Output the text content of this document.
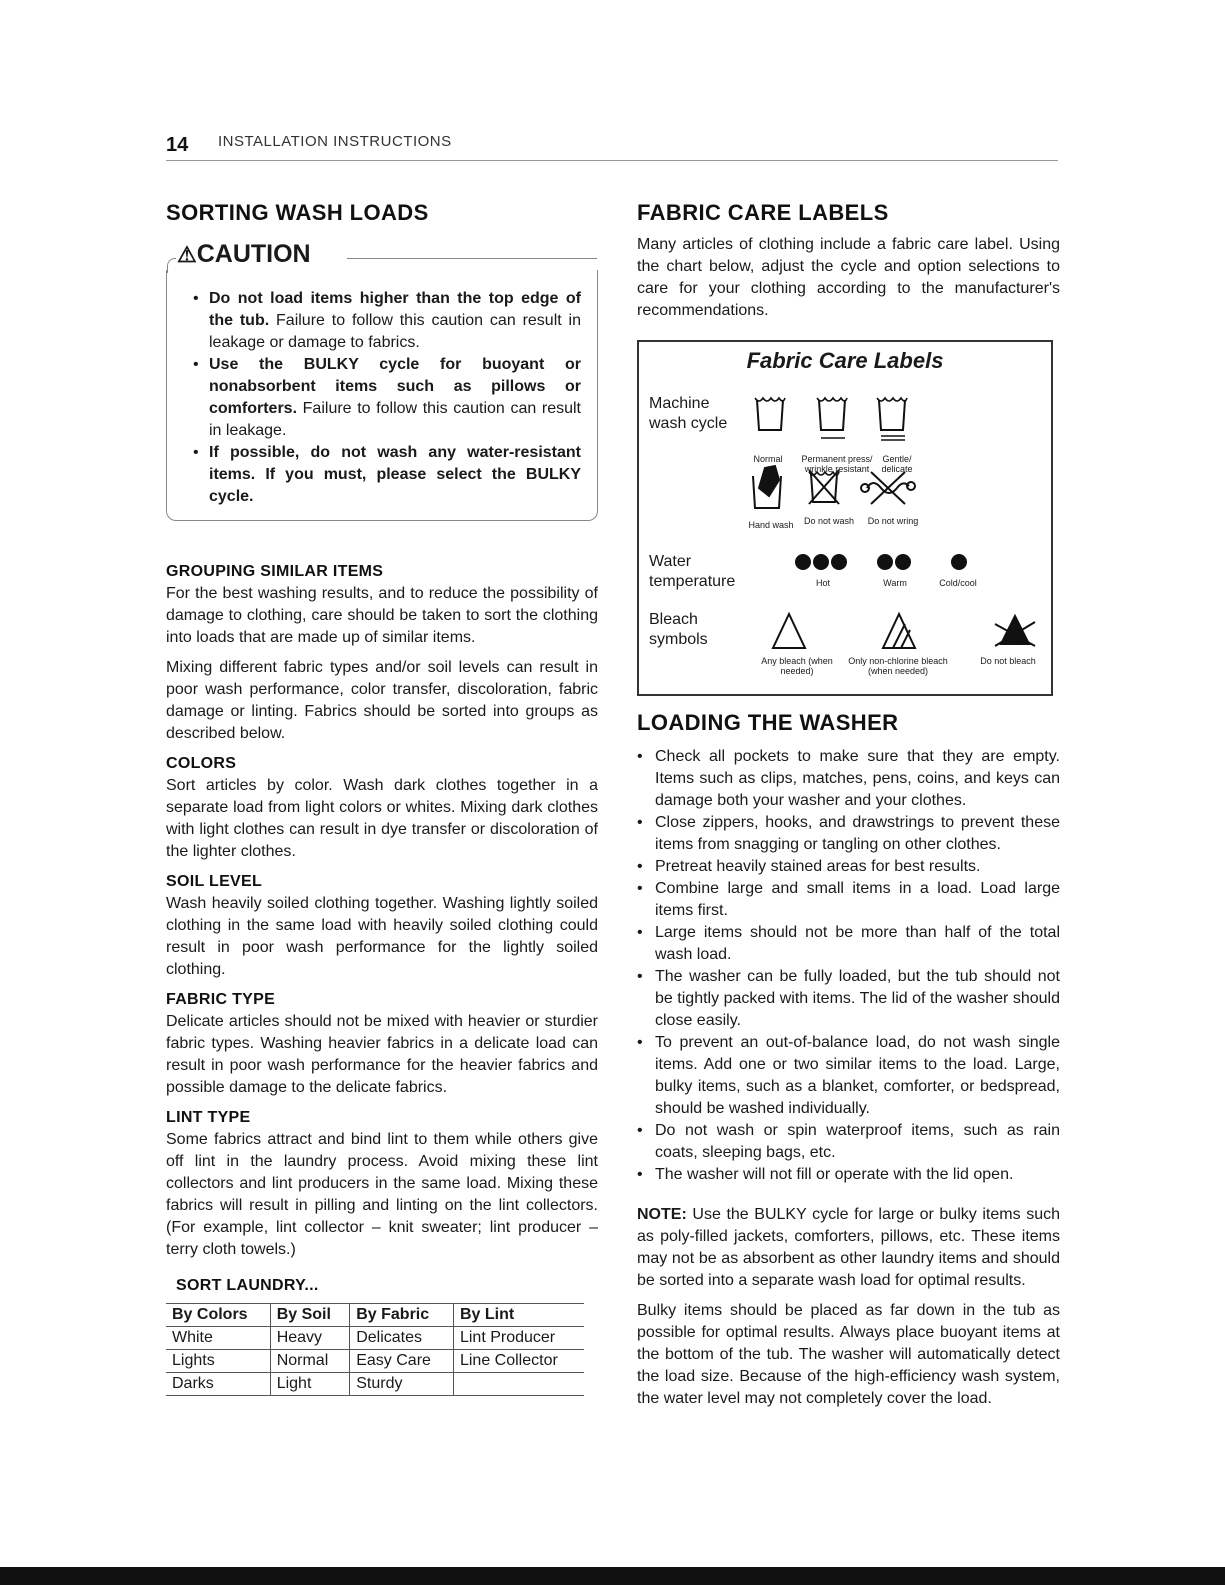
14 INSTALLATION INSTRUCTIONS
SORTING WASH LOADS
⚠CAUTION
• Do not load items higher than the top edge of the tub. Failure to follow this caution can result in leakage or damage to fabrics.
• Use the BULKY cycle for buoyant or nonabsorbent items such as pillows or comforters. Failure to follow this caution can result in leakage.
• If possible, do not wash any water-resistant items. If you must, please select the BULKY cycle.
GROUPING SIMILAR ITEMS

For the best washing results, and to reduce the possibility of damage to clothing, care should be taken to sort the clothing into loads that are made up of similar items.

Mixing different fabric types and/or soil levels can result in poor wash performance, color transfer, discoloration, fabric damage or linting. Fabrics should be sorted into groups as described below.

COLORS

Sort articles by color. Wash dark clothes together in a separate load from light colors or whites. Mixing dark clothes with light clothes can result in dye transfer or discoloration of the lighter clothes.

SOIL LEVEL

Wash heavily soiled clothing together. Washing lightly soiled clothing in the same load with heavily soiled clothing could result in poor wash performance for the lightly soiled clothing.

FABRIC TYPE

Delicate articles should not be mixed with heavier or sturdier fabric types. Washing heavier fabrics in a delicate load can result in poor wash performance for the heavier fabrics and possible damage to the delicate fabrics.

LINT TYPE

Some fabrics attract and bind lint to them while others give off lint in the laundry process. Avoid mixing these lint collectors and lint producers in the same load. Mixing these fabrics will result in pilling and linting on the lint collectors. (For example, lint collector – knit sweater; lint producer – terry cloth towels.)

SORT LAUNDRY...
By Colors	By Soil	By Fabric	By Lint
White	Heavy	Delicates	Lint Producer
Lights	Normal	Easy Care	Line Collector
Darks	Light	Sturdy	
FABRIC CARE LABELS

Many articles of clothing include a fabric care label. Using the chart below, adjust the cycle and option selections to care for your clothing according to the manufacturer's recommendations.

Fabric Care Labels
Machine wash cycle
Normal	Permanent press/ wrinkle resistant
Gentle/ delicate
Hand wash	Do not wash	Do not wring
Water temperature	Hot	Warm	Cold/cool
Bleach symbols
Any bleach (when needed)
Only non-chlorine bleach (when needed)
Do not bleach
LOADING THE WASHER
• Check all pockets to make sure that they are empty. Items such as clips, matches, pens, coins, and keys can damage both your washer and your clothes.
• Close zippers, hooks, and drawstrings to prevent these items from snagging or tangling on other clothes.
• Pretreat heavily stained areas for best results.
• Combine large and small items in a load. Load large items first.
• Large items should not be more than half of the total wash load.
• The washer can be fully loaded, but the tub should not be tightly packed with items. The lid of the washer should close easily.
• To prevent an out-of-balance load, do not wash single items. Add one or two similar items to the load. Large, bulky items, such as a blanket, comforter, or bedspread, should be washed individually.
• Do not wash or spin waterproof items, such as rain coats, sleeping bags, etc.
• The washer will not fill or operate with the lid open.

NOTE: Use the BULKY cycle for large or bulky items such as poly-filled jackets, comforters, pillows, etc. These items may not be as absorbent as other laundry items and should be sorted into a separate wash load for optimal results.

Bulky items should be placed as far down in the tub as possible for optimal results. Always place buoyant items at the bottom of the tub. The washer will automatically detect the load size. Because of the high-efficiency wash system, the water level may not completely cover the load.
